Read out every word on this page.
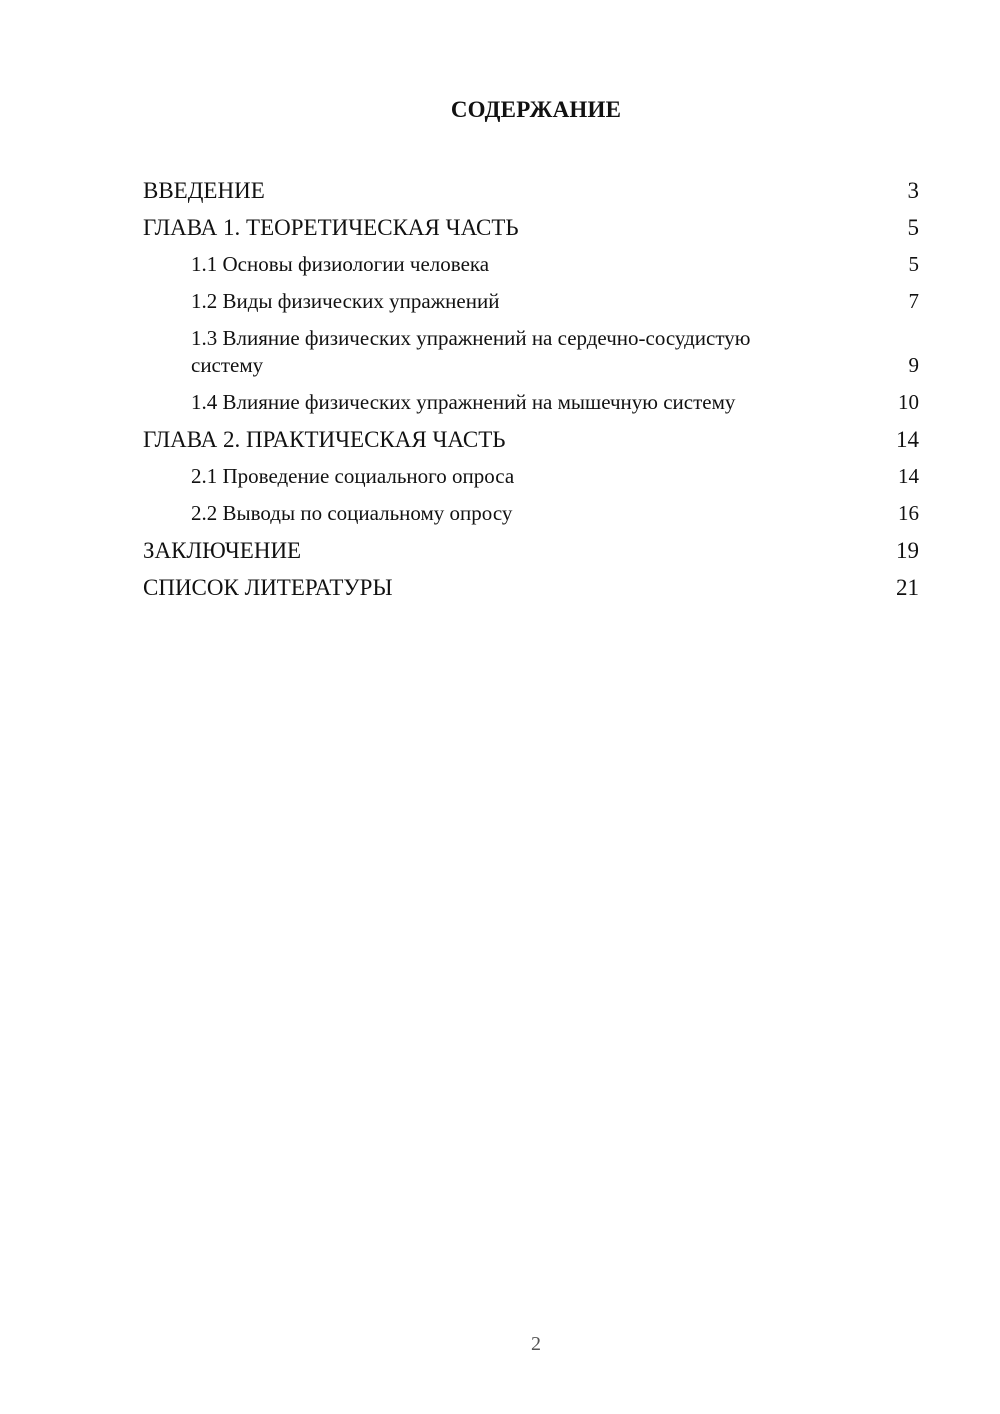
СОДЕРЖАНИЕ
ВВЕДЕНИЕ	3
ГЛАВА 1. ТЕОРЕТИЧЕСКАЯ ЧАСТЬ	5
1.1 Основы физиологии человека	5
1.2 Виды физических упражнений	7
1.3 Влияние физических упражнений на сердечно-сосудистую систему	9
1.4 Влияние физических упражнений на мышечную систему	10
ГЛАВА 2. ПРАКТИЧЕСКАЯ ЧАСТЬ	14
2.1 Проведение социального опроса	14
2.2 Выводы по социальному опросу	16
ЗАКЛЮЧЕНИЕ	19
СПИСОК ЛИТЕРАТУРЫ	21
2
